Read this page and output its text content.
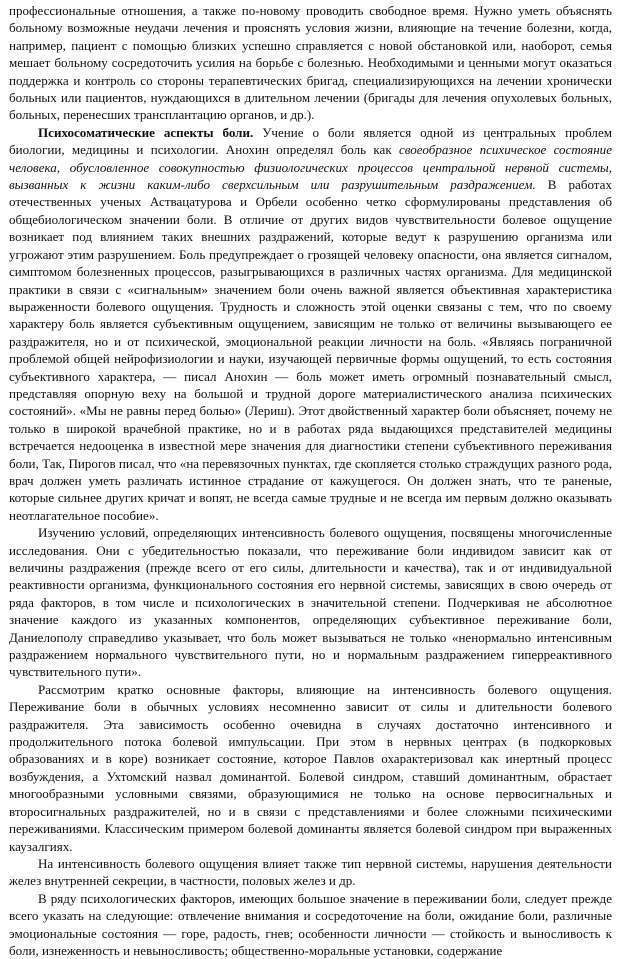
профессиональные отношения, а также по-новому проводить свободное время. Нужно уметь объяснять больному возможные неудачи лечения и прояснять условия жизни, влияющие на течение болезни, когда, например, пациент с помощью близких успешно справляется с новой обстановкой или, наоборот, семья мешает больному сосредоточить усилия на борьбе с болезнью. Необходимыми и ценными могут оказаться поддержка и контроль со стороны терапевтических бригад, специализирующихся на лечении хронически больных или пациентов, нуждающихся в длительном лечении (бригады для лечения опухолевых больных, больных, перенесших трансплантацию органов, и др.).

Психосоматические аспекты боли. Учение о боли является одной из центральных проблем биологии, медицины и психологии. Анохин определял боль как своеобразное психическое состояние человека, обусловленное совокупностью физиологических процессов центральной нервной системы, вызванных к жизни каким-либо сверхсильным или разрушительным раздражением. В работах отечественных ученых Аствацатурова и Орбели особенно четко сформулированы представления об общебиологическом значении боли. В отличие от других видов чувствительности болевое ощущение возникает под влиянием таких внешних раздражений, которые ведут к разрушению организма или угрожают этим разрушением. Боль предупреждает о грозящей человеку опасности, она является сигналом, симптомом болезненных процессов, разыгрывающихся в различных частях организма. Для медицинской практики в связи с «сигнальным» значением боли очень важной является объективная характеристика выраженности болевого ощущения. Трудность и сложность этой оценки связаны с тем, что по своему характеру боль является субъективным ощущением, зависящим не только от величины вызывающего ее раздражителя, но и от психической, эмоциональной реакции личности на боль. «Являясь пограничной проблемой общей нейрофизиологии и науки, изучающей первичные формы ощущений, то есть состояния субъективного характера, — писал Анохин — боль может иметь огромный познавательный смысл, представляя опорную веху на большой и трудной дороге материалистического анализа психических состояний». «Мы не равны перед болью» (Лериш). Этот двойственный характер боли объясняет, почему не только в широкой врачебной практике, но и в работах ряда выдающихся представителей медицины встречается недооценка в известной мере значения для диагностики степени субъективного переживания боли, Так, Пирогов писал, что «на перевязочных пунктах, где скопляется столько страждущих разного рода, врач должен уметь различать истинное страдание от кажущегося. Он должен знать, что те раненые, которые сильнее других кричат и вопят, не всегда самые трудные и не всегда им первым должно оказывать неотлагательное пособие».

Изучению условий, определяющих интенсивность болевого ощущения, посвящены многочисленные исследования. Они с убедительностью показали, что переживание боли индивидом зависит как от величины раздражения (прежде всего от его силы, длительности и качества), так и от индивидуальной реактивности организма, функционального состояния его нервной системы, зависящих в свою очередь от ряда факторов, в том числе и психологических в значительной степени. Подчеркивая не абсолютное значение каждого из указанных компонентов, определяющих субъективное переживание боли, Даниелополу справедливо указывает, что боль может вызываться не только «ненормально интенсивным раздражением нормального чувствительного пути, но и нормальным раздражением гиперреактивного чувствительного пути».

Рассмотрим кратко основные факторы, влияющие на интенсивность болевого ощущения. Переживание боли в обычных условиях несомненно зависит от силы и длительности болевого раздражителя. Эта зависимость особенно очевидна в случаях достаточно интенсивного и продолжительного потока болевой импульсации. При этом в нервных центрах (в подкорковых образованиях и в коре) возникает состояние, которое Павлов охарактеризовал как инертный процесс возбуждения, а Ухтомский назвал доминантой. Болевой синдром, ставший доминантным, обрастает многообразными условными связями, образующимися не только на основе первосигнальных и второсигнальных раздражителей, но и в связи с представлениями и более сложными психическими переживаниями. Классическим примером болевой доминанты является болевой синдром при выраженных каузалгиях.

На интенсивность болевого ощущения влияет также тип нервной системы, нарушения деятельности желез внутренней секреции, в частности, половых желез и др.

В ряду психологических факторов, имеющих большое значение в переживании боли, следует прежде всего указать на следующие: отвлечение внимания и сосредоточение на боли, ожидание боли, различные эмоциональные состояния — горе, радость, гнев; особенности личности — стойкость и выносливость к боли, изнеженность и невыносливость; общественно-моральные установки, содержание
